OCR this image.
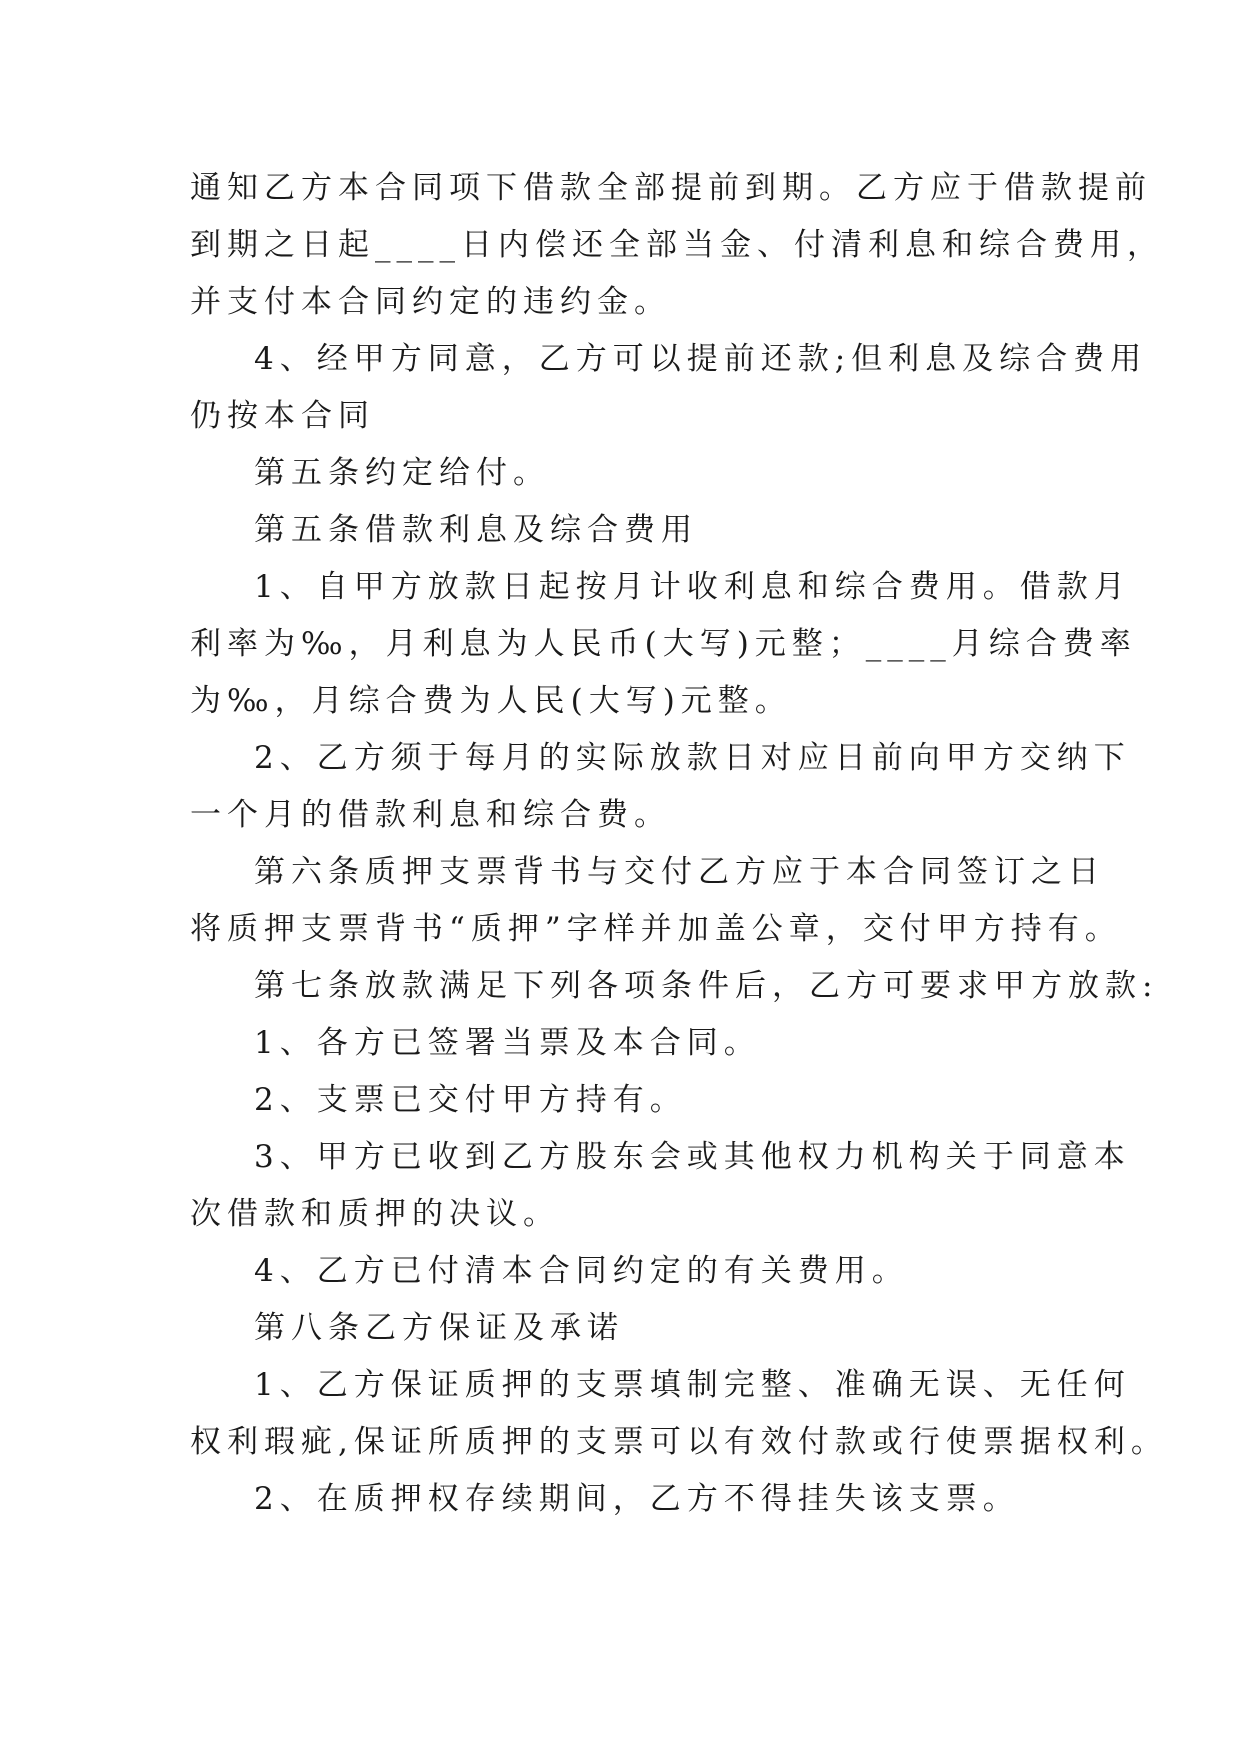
通知乙方本合同项下借款全部提前到期。乙方应于借款提前
到期之日起____日内偿还全部当金、付清利息和综合费用，
并支付本合同约定的违约金。
4、经甲方同意，乙方可以提前还款;但利息及综合费用
仍按本合同
第五条约定给付。
第五条借款利息及综合费用
1、自甲方放款日起按月计收利息和综合费用。借款月
利率为‰，月利息为人民币(大写)元整；____月综合费率
为‰，月综合费为人民(大写)元整。
2、乙方须于每月的实际放款日对应日前向甲方交纳下
一个月的借款利息和综合费。
第六条质押支票背书与交付乙方应于本合同签订之日
将质押支票背书“质押”字样并加盖公章，交付甲方持有。
第七条放款满足下列各项条件后，乙方可要求甲方放款:
1、各方已签署当票及本合同。
2、支票已交付甲方持有。
3、甲方已收到乙方股东会或其他权力机构关于同意本
次借款和质押的决议。
4、乙方已付清本合同约定的有关费用。
第八条乙方保证及承诺
1、乙方保证质押的支票填制完整、准确无误、无任何
权利瑕疵,保证所质押的支票可以有效付款或行使票据权利。
2、在质押权存续期间，乙方不得挂失该支票。
